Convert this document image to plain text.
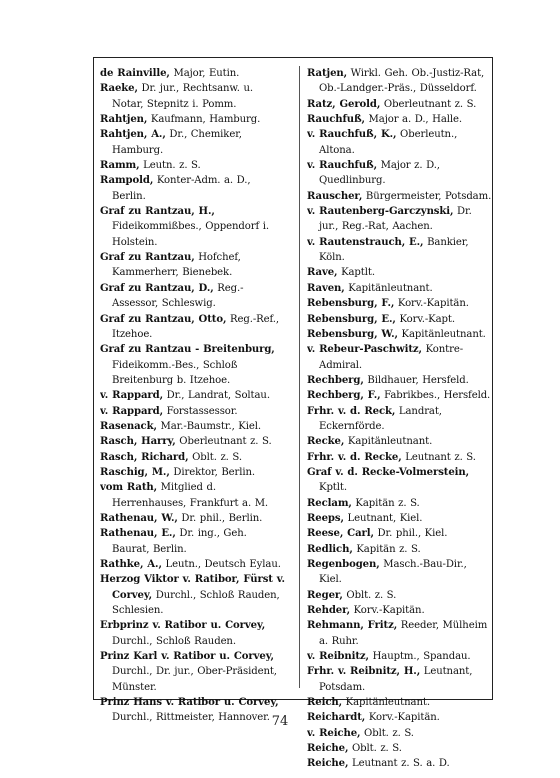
de Rainville, Major, Eutin.
Raeke, Dr. jur., Rechtsanw. u. Notar, Stepnitz i. Pomm.
Rahtjen, Kaufmann, Hamburg.
Rahtjen, A., Dr., Chemiker, Hamburg.
Ramm, Leutn. z. S.
Rampold, Konter-Adm. a. D., Berlin.
Graf zu Rantzau, H., Fideikommißbes., Oppendorf i. Holstein.
Graf zu Rantzau, Hofchef, Kammerherr, Bienebek.
Graf zu Rantzau, D., Reg.-Assessor, Schleswig.
Graf zu Rantzau, Otto, Reg.-Ref., Itzehoe.
Graf zu Rantzau - Breitenburg, Fideikomm.-Bes., Schloß Breitenburg b. Itzehoe.
v. Rappard, Dr., Landrat, Soltau.
v. Rappard, Forstassessor.
Rasenack, Mar.-Baumstr., Kiel.
Rasch, Harry, Oberleutnant z. S.
Rasch, Richard, Oblt. z. S.
Raschig, M., Direktor, Berlin.
vom Rath, Mitglied d. Herrenhauses, Frankfurt a. M.
Rathenau, W., Dr. phil., Berlin.
Rathenau, E., Dr. ing., Geh. Baurat, Berlin.
Rathke, A., Leutn., Deutsch Eylau.
Herzog Viktor v. Ratibor, Fürst v. Corvey, Durchl., Schloß Rauden, Schlesien.
Erbprinz v. Ratibor u. Corvey, Durchl., Schloß Rauden.
Prinz Karl v. Ratibor u. Corvey, Durchl., Dr. jur., Ober-Präsident, Münster.
Prinz Hans v. Ratibor u. Corvey, Durchl., Rittmeister, Hannover.
Ratjen, Wirkl. Geh. Ob.-Justiz-Rat, Ob.-Landger.-Präs., Düsseldorf.
Ratz, Gerold, Oberleutnant z. S.
Rauchfuß, Major a. D., Halle.
v. Rauchfuß, K., Oberleutn., Altona.
v. Rauchfuß, Major z. D., Quedlinburg.
Rauscher, Bürgermeister, Potsdam.
v. Rautenberg-Garczynski, Dr. jur., Reg.-Rat, Aachen.
v. Rautenstrauch, E., Bankier, Köln.
Rave, Kaptlt.
Raven, Kapitänleutnant.
Rebensburg, F., Korv.-Kapitän.
Rebensburg, E., Korv.-Kapt.
Rebensburg, W., Kapitänleutnant.
v. Rebeur-Paschwitz, Kontre-Admiral.
Rechberg, Bildhauer, Hersfeld.
Rechberg, F., Fabrikbes., Hersfeld.
Frhr. v. d. Reck, Landrat, Eckernförde.
Recke, Kapitänleutnant.
Frhr. v. d. Recke, Leutnant z. S.
Graf v. d. Recke-Volmerstein, Kptlt.
Reclam, Kapitän z. S.
Reeps, Leutnant, Kiel.
Reese, Carl, Dr. phil., Kiel.
Redlich, Kapitän z. S.
Regenbogen, Masch.-Bau-Dir., Kiel.
Reger, Oblt. z. S.
Rehder, Korv.-Kapitän.
Rehmann, Fritz, Reeder, Mülheim a. Ruhr.
v. Reibnitz, Hauptm., Spandau.
Frhr. v. Reibnitz, H., Leutnant, Potsdam.
Reich, Kapitänleutnant.
Reichardt, Korv.-Kapitän.
v. Reiche, Oblt. z. S.
Reiche, Oblt. z. S.
Reiche, Leutnant z. S. a. D.
74
